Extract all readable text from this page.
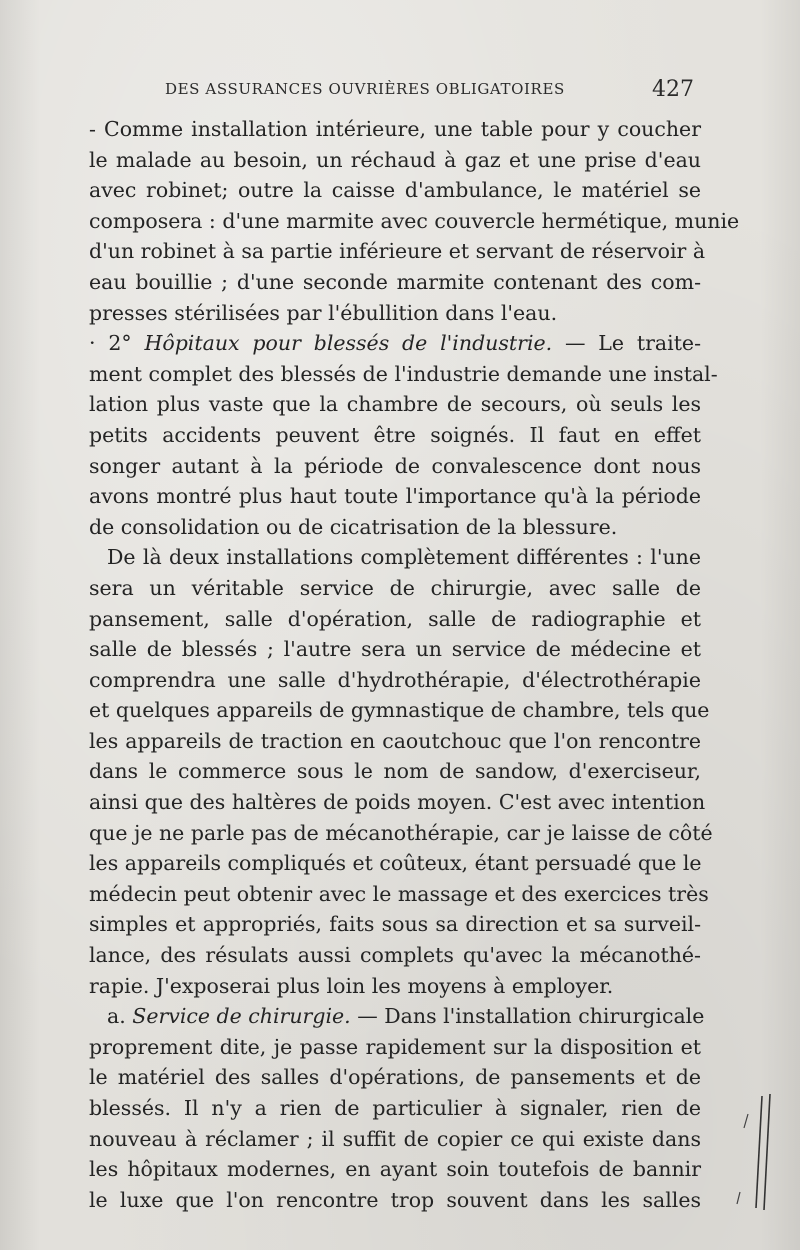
DES ASSURANCES OUVRIÈRES OBLIGATOIRES	427
- Comme installation intérieure, une table pour y coucher
le malade au besoin, un réchaud à gaz et une prise d'eau
avec robinet; outre la caisse d'ambulance, le matériel se
composera : d'une marmite avec couvercle hermétique, munie
d'un robinet à sa partie inférieure et servant de réservoir à
eau bouillie ; d'une seconde marmite contenant des com-
presses stérilisées par l'ébullition dans l'eau.
· 2° Hôpitaux pour blessés de l'industrie. — Le traite-
ment complet des blessés de l'industrie demande une instal-
lation plus vaste que la chambre de secours, où seuls les
petits accidents peuvent être soignés. Il faut en effet
songer autant à la période de convalescence dont nous
avons montré plus haut toute l'importance qu'à la période
de consolidation ou de cicatrisation de la blessure.
De là deux installations complètement différentes : l'une
sera un véritable service de chirurgie, avec salle de
pansement, salle d'opération, salle de radiographie et
salle de blessés ; l'autre sera un service de médecine et
comprendra une salle d'hydrothérapie, d'électrothérapie
et quelques appareils de gymnastique de chambre, tels que
les appareils de traction en caoutchouc que l'on rencontre
dans le commerce sous le nom de sandow, d'exerciseur,
ainsi que des haltères de poids moyen. C'est avec intention
que je ne parle pas de mécanothérapie, car je laisse de côté
les appareils compliqués et coûteux, étant persuadé que le
médecin peut obtenir avec le massage et des exercices très
simples et appropriés, faits sous sa direction et sa surveil-
lance, des résulats aussi complets qu'avec la mécanothé-
rapie. J'exposerai plus loin les moyens à employer.
a. Service de chirurgie. — Dans l'installation chirurgicale
proprement dite, je passe rapidement sur la disposition et
le matériel des salles d'opérations, de pansements et de
blessés. Il n'y a rien de particulier à signaler, rien de
nouveau à réclamer ; il suffit de copier ce qui existe dans
les hôpitaux modernes, en ayant soin toutefois de bannir
le luxe que l'on rencontre trop souvent dans les salles
